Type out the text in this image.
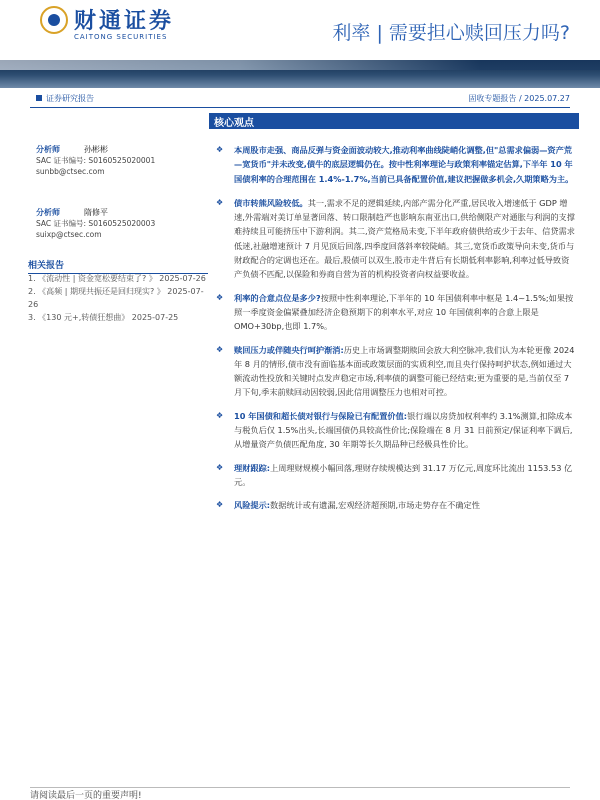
财通证券
CAITONG SECURITIES	利率 | 需要担心赎回压力吗?
证券研究报告	固收专题报告 / 2025.07.27
分析师	孙彬彬
SAC 证书编号: S0160525020001
sunbb@ctsec.com
分析师	隋修平
SAC 证书编号: S0160525020003
suixp@ctsec.com
相关报告
1. 《流动性 | 资金宽松要结束了? 》 2025-07-26
2. 《高频 | 期现共振还是回归现实? 》 2025-07-26
3. 《130 元+,转债狂想曲》 2025-07-25
核心观点
❖ 本周股市走强、商品反弹与资金面波动较大,推动利率曲线陡峭化调整,但"总需求偏弱—资产荒—宽货币"并未改变,债牛的底层逻辑仍在。按中性利率理论与政策利率锚定估算,下半年 10 年国债利率的合理范围在 1.4%-1.7%,当前已具备配置价值,建议把握做多机会,久期策略为主。
❖ 债市转熊风险较低。其一,需求不足的逻辑延续,内部产需分化严重,居民收入增速低于 GDP 增速,外需端对美订单显著回落、转口限制趋严也影响东南亚出口,供给侧限产对通胀与利润的支撑难持续且可能挤压中下游利润。其二,资产荒格局未变,下半年政府债供给或少于去年、信贷需求低迷,社融增速预计 7 月见顶后回落,四季度回落斜率较陡峭。其三,宽货币政策导向未变,货币与财政配合的定调也还在。最后,股债可以双生,股市走牛背后有长期低利率影响,利率过低导致资产负债不匹配,以保险和券商自营为首的机构投资者向权益要收益。
❖ 利率的合意点位是多少?按照中性利率理论,下半年的 10 年国债利率中枢是 1.4~1.5%;如果按照一季度资金偏紧叠加经济企稳预期下的利率水平,对应 10 年国债利率的合意上限是 OMO+30bp,也即 1.7%。
❖ 赎回压力或伴随央行呵护渐消:历史上市场调整期赎回会放大利空脉冲,我们认为本轮更像 2024 年 8 月的情形,债市没有面临基本面或政策层面的实质利空,而且央行保持呵护状态,例如通过大额流动性投放和关键时点发声稳定市场,利率债的调整可能已经结束;更为重要的是,当前仅至 7 月下旬,季末前赎回动因较弱,因此信用调整压力也相对可控。
❖ 10 年国债和超长债对银行与保险已有配置价值:银行端以房贷加权利率约 3.1%测算,扣除成本与税负后仅 1.5%出头,长端国债仍具较高性价比;保险端在 8 月 31 日前预定/保证利率下调后,从增量资产负债匹配角度, 30 年期等长久期品种已经极具性价比。
❖ 理财跟踪:上周理财规模小幅回落,理财存续规模达到 31.17 万亿元,周度环比流出 1153.53 亿元。
❖ 风险提示:数据统计或有遗漏,宏观经济超预期,市场走势存在不确定性
请阅读最后一页的重要声明!
